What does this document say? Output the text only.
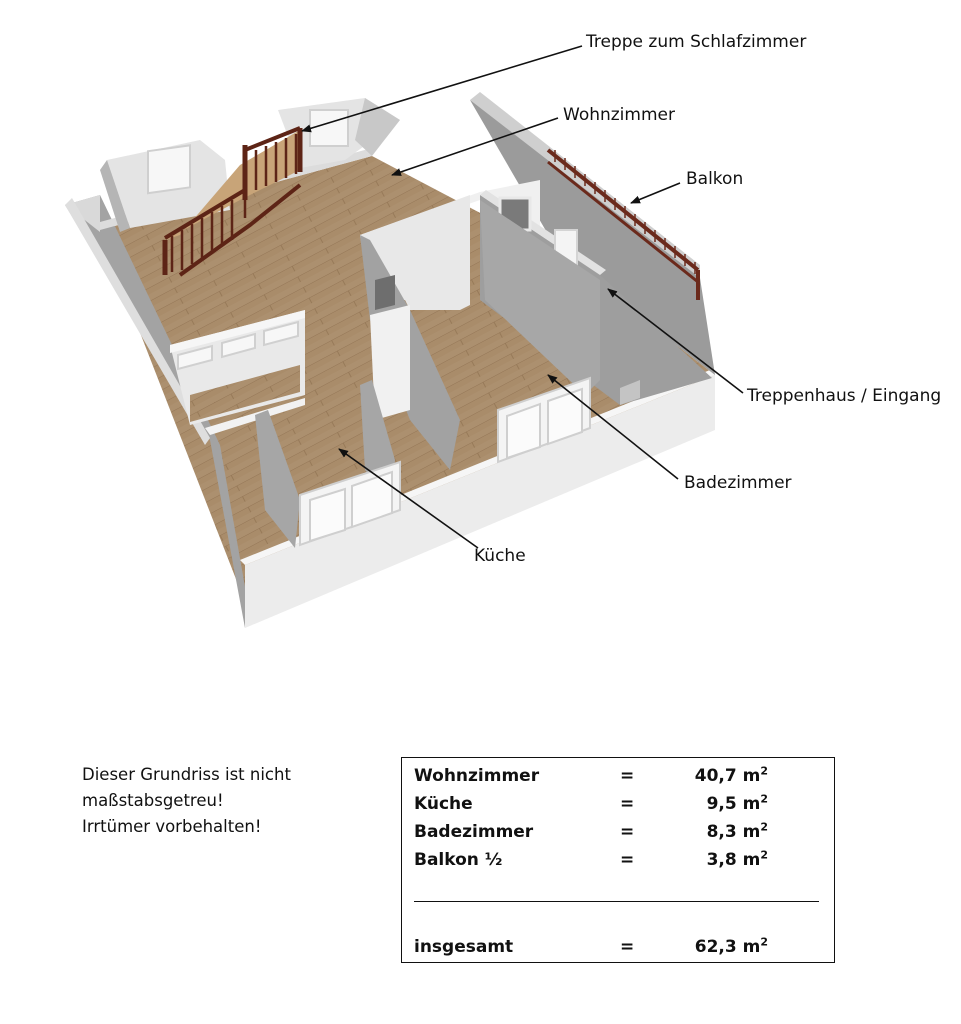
Treppe zum Schlafzimmer
Wohnzimmer
Balkon
Treppenhaus / Eingang
Badezimmer
Küche
Dieser Grundriss ist nicht
maßstabsgetreu!
Irrtümer vorbehalten!
Wohnzimmer	=	40,7 $m^2$
Küche	=	9,5 $m^2$
Badezimmer	=	8,3 $m^2$
Balkon ½	=	3,8 $m^2$
insgesamt	=	62,3 $m^2$
